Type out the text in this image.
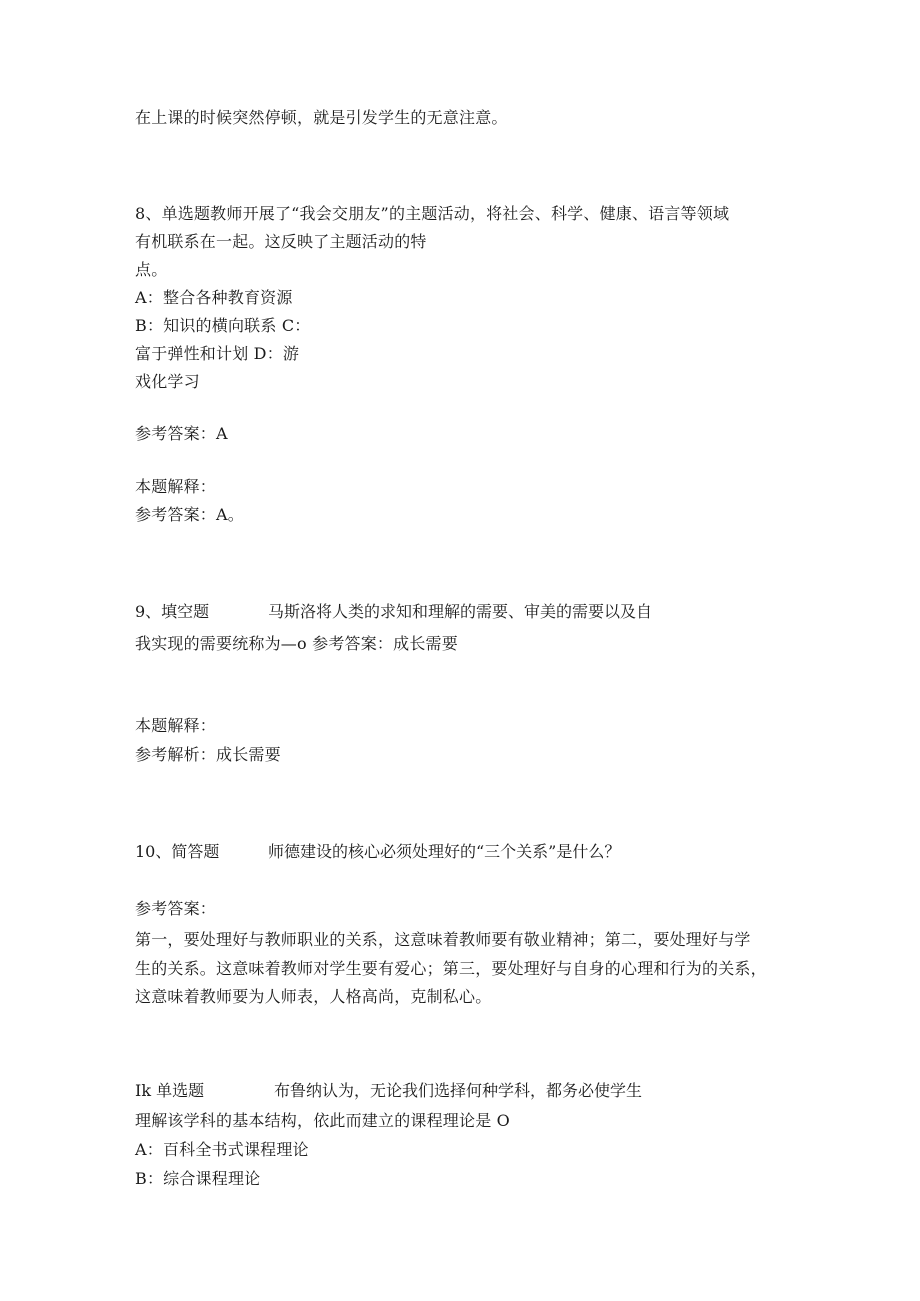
在上课的时候突然停顿，就是引发学生的无意注意。
8、单选题教师开展了“我会交朋友”的主题活动，将社会、科学、健康、语言等领域
有机联系在一起。这反映了主题活动的特
点。
A：整合各种教育资源
B：知识的横向联系 C：
富于弹性和计划 D：游
戏化学习
参考答案：A
本题解释：
参考答案：A。
9、填空题	马斯洛将人类的求知和理解的需要、审美的需要以及自
我实现的需要统称为—o 参考答案：成长需要
本题解释：
参考解析：成长需要
10、简答题	师德建设的核心必须处理好的“三个关系”是什么？
参考答案：
第一，要处理好与教师职业的关系，这意味着教师要有敬业精神；第二，要处理好与学
生的关系。这意味着教师对学生要有爱心；第三，要处理好与自身的心理和行为的关系，
这意味着教师要为人师表，人格高尚，克制私心。
Ik 单选题	布鲁纳认为，无论我们选择何种学科，都务必使学生
理解该学科的基本结构，依此而建立的课程理论是 O
A：百科全书式课程理论
B：综合课程理论
